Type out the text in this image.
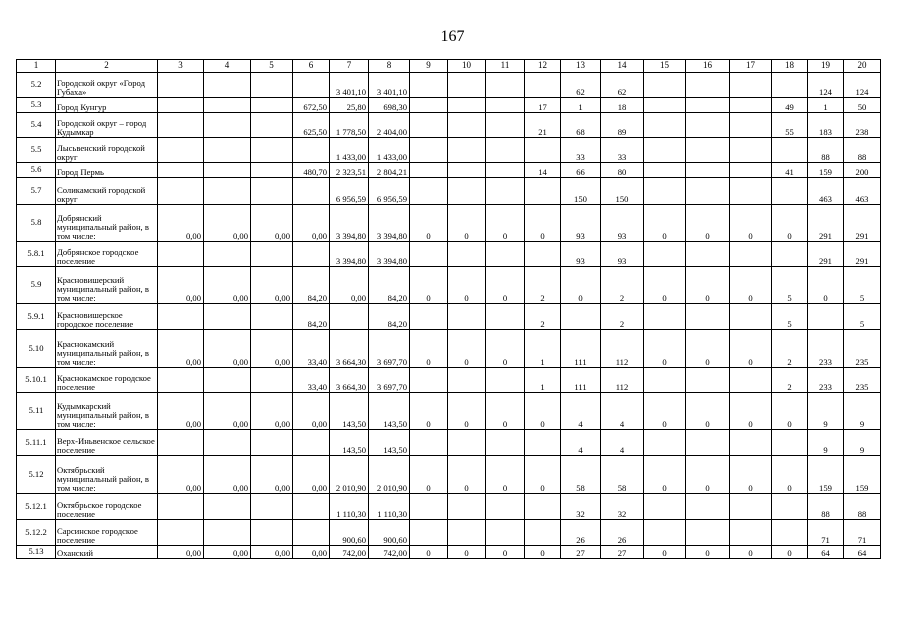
167
1	2	3	4	5	6	7	8	9	10	11	12	13	14	15	16	17	18	19	20
5.2	Городской округ «Город Губаха»					3 401,10	3 401,10					62	62					124	124
5.3	Город Кунгур				672,50	25,80	698,30				17	1	18				49	1	50
5.4	Городской округ – город Кудымкар				625,50	1 778,50	2 404,00				21	68	89				55	183	238
5.5	Лысьвенский городской округ					1 433,00	1 433,00					33	33					88	88
5.6	Город Пермь				480,70	2 323,51	2 804,21				14	66	80				41	159	200
5.7	Соликамский городской округ					6 956,59	6 956,59					150	150					463	463
5.8	Добрянский муниципальный район, в том числе:	0,00	0,00	0,00	0,00	3 394,80	3 394,80	0	0	0	0	93	93	0	0	0	0	291	291
5.8.1	Добрянское городское поселение					3 394,80	3 394,80					93	93					291	291
5.9	Красновишерский муниципальный район, в том числе:	0,00	0,00	0,00	84,20	0,00	84,20	0	0	0	2	0	2	0	0	0	5	0	5
5.9.1	Красновишерское городское поселение				84,20		84,20				2		2				5		5
5.10	Краснокамский муниципальный район, в том числе:	0,00	0,00	0,00	33,40	3 664,30	3 697,70	0	0	0	1	111	112	0	0	0	2	233	235
5.10.1	Краснокамское городское поселение				33,40	3 664,30	3 697,70				1	111	112				2	233	235
5.11	Кудымкарский муниципальный район, в том числе:	0,00	0,00	0,00	0,00	143,50	143,50	0	0	0	0	4	4	0	0	0	0	9	9
5.11.1	Верх-Иньвенское сельское поселение					143,50	143,50					4	4					9	9
5.12	Октябрьский муниципальный район, в том числе:	0,00	0,00	0,00	0,00	2 010,90	2 010,90	0	0	0	0	58	58	0	0	0	0	159	159
5.12.1	Октябрьское городское поселение					1 110,30	1 110,30					32	32					88	88
5.12.2	Сарсинское городское поселение					900,60	900,60					26	26					71	71
5.13	Оханский	0,00	0,00	0,00	0,00	742,00	742,00	0	0	0	0	27	27	0	0	0	0	64	64
